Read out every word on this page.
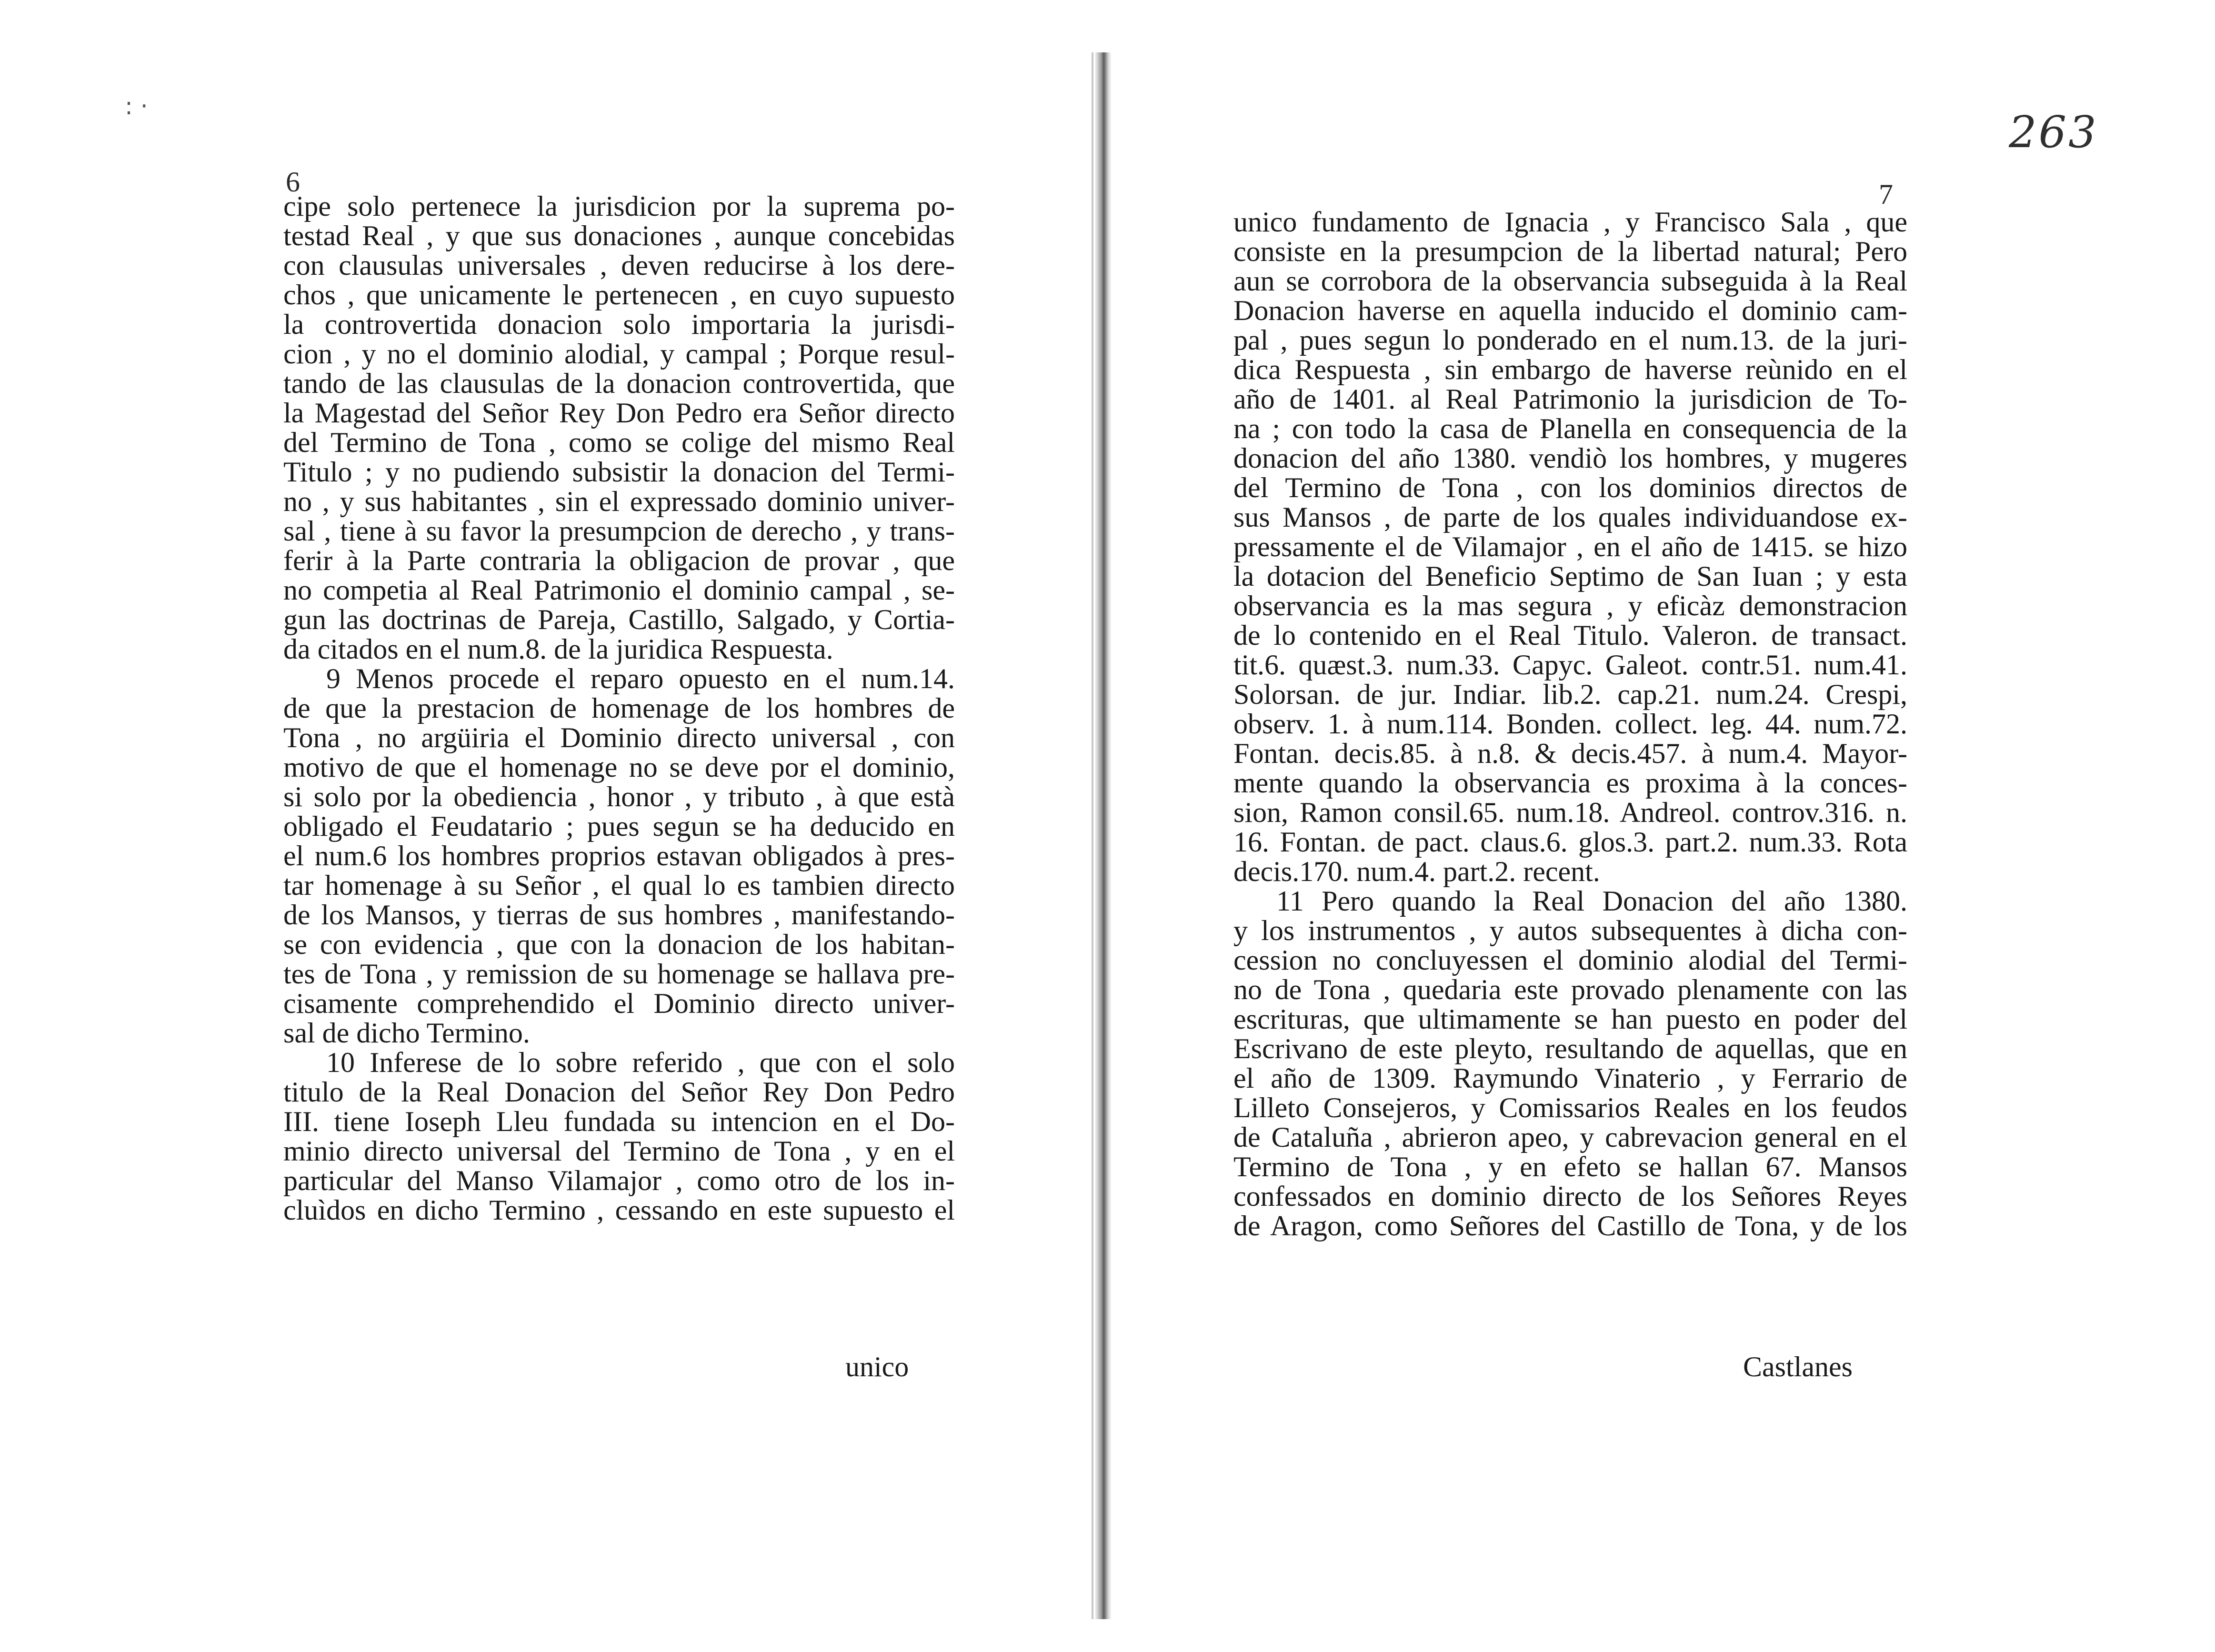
: ·
6
cipe solo pertenece la jurisdicion por la suprema po-
testad Real , y que sus donaciones , aunque concebidas
con clausulas universales , deven reducirse à los dere-
chos , que unicamente le pertenecen , en cuyo supuesto
la controvertida donacion solo importaria la jurisdi-
cion , y no el dominio alodial, y campal ; Porque resul-
tando de las clausulas de la donacion controvertida, que
la Magestad del Señor Rey Don Pedro era Señor directo
del Termino de Tona , como se colige del mismo Real
Titulo ; y no pudiendo subsistir la donacion del Termi-
no , y sus habitantes , sin el expressado dominio univer-
sal , tiene à su favor la presumpcion de derecho , y trans-
ferir à la Parte contraria la obligacion de provar , que
no competia al Real Patrimonio el dominio campal , se-
gun las doctrinas de Pareja, Castillo, Salgado, y Cortia-
da citados en el num.8. de la juridica Respuesta.
9 Menos procede el reparo opuesto en el num.14.
de que la prestacion de homenage de los hombres de
Tona , no argüiria el Dominio directo universal , con
motivo de que el homenage no se deve por el dominio,
si solo por la obediencia , honor , y tributo , à que està
obligado el Feudatario ; pues segun se ha deducido en
el num.6 los hombres proprios estavan obligados à pres-
tar homenage à su Señor , el qual lo es tambien directo
de los Mansos, y tierras de sus hombres , manifestando-
se con evidencia , que con la donacion de los habitan-
tes de Tona , y remission de su homenage se hallava pre-
cisamente comprehendido el Dominio directo univer-
sal de dicho Termino.
10 Inferese de lo sobre referido , que con el solo
titulo de la Real Donacion del Señor Rey Don Pedro
III. tiene Ioseph Lleu fundada su intencion en el Do-
minio directo universal del Termino de Tona , y en el
particular del Manso Vilamajor , como otro de los in-
cluìdos en dicho Termino , cessando en este supuesto el
unico
263
7
unico fundamento de Ignacia , y Francisco Sala , que
consiste en la presumpcion de la libertad natural; Pero
aun se corrobora de la observancia subseguida à la Real
Donacion haverse en aquella inducido el dominio cam-
pal , pues segun lo ponderado en el num.13. de la juri-
dica Respuesta , sin embargo de haverse reùnido en el
año de 1401. al Real Patrimonio la jurisdicion de To-
na ; con todo la casa de Planella en consequencia de la
donacion del año 1380. vendiò los hombres, y mugeres
del Termino de Tona , con los dominios directos de
sus Mansos , de parte de los quales individuandose ex-
pressamente el de Vilamajor , en el año de 1415. se hizo
la dotacion del Beneficio Septimo de San Iuan ; y esta
observancia es la mas segura , y eficàz demonstracion
de lo contenido en el Real Titulo. Valeron. de transact.
tit.6. quæst.3. num.33. Capyc. Galeot. contr.51. num.41.
Solorsan. de jur. Indiar. lib.2. cap.21. num.24. Crespi,
observ. 1. à num.114. Bonden. collect. leg. 44. num.72.
Fontan. decis.85. à n.8. & decis.457. à num.4. Mayor-
mente quando la observancia es proxima à la conces-
sion, Ramon consil.65. num.18. Andreol. controv.316. n.
16. Fontan. de pact. claus.6. glos.3. part.2. num.33. Rota
decis.170. num.4. part.2. recent.
11 Pero quando la Real Donacion del año 1380.
y los instrumentos , y autos subsequentes à dicha con-
cession no concluyessen el dominio alodial del Termi-
no de Tona , quedaria este provado plenamente con las
escrituras, que ultimamente se han puesto en poder del
Escrivano de este pleyto, resultando de aquellas, que en
el año de 1309. Raymundo Vinaterio , y Ferrario de
Lilleto Consejeros, y Comissarios Reales en los feudos
de Cataluña , abrieron apeo, y cabrevacion general en el
Termino de Tona , y en efeto se hallan 67. Mansos
confessados en dominio directo de los Señores Reyes
de Aragon, como Señores del Castillo de Tona, y de los
Castlanes
